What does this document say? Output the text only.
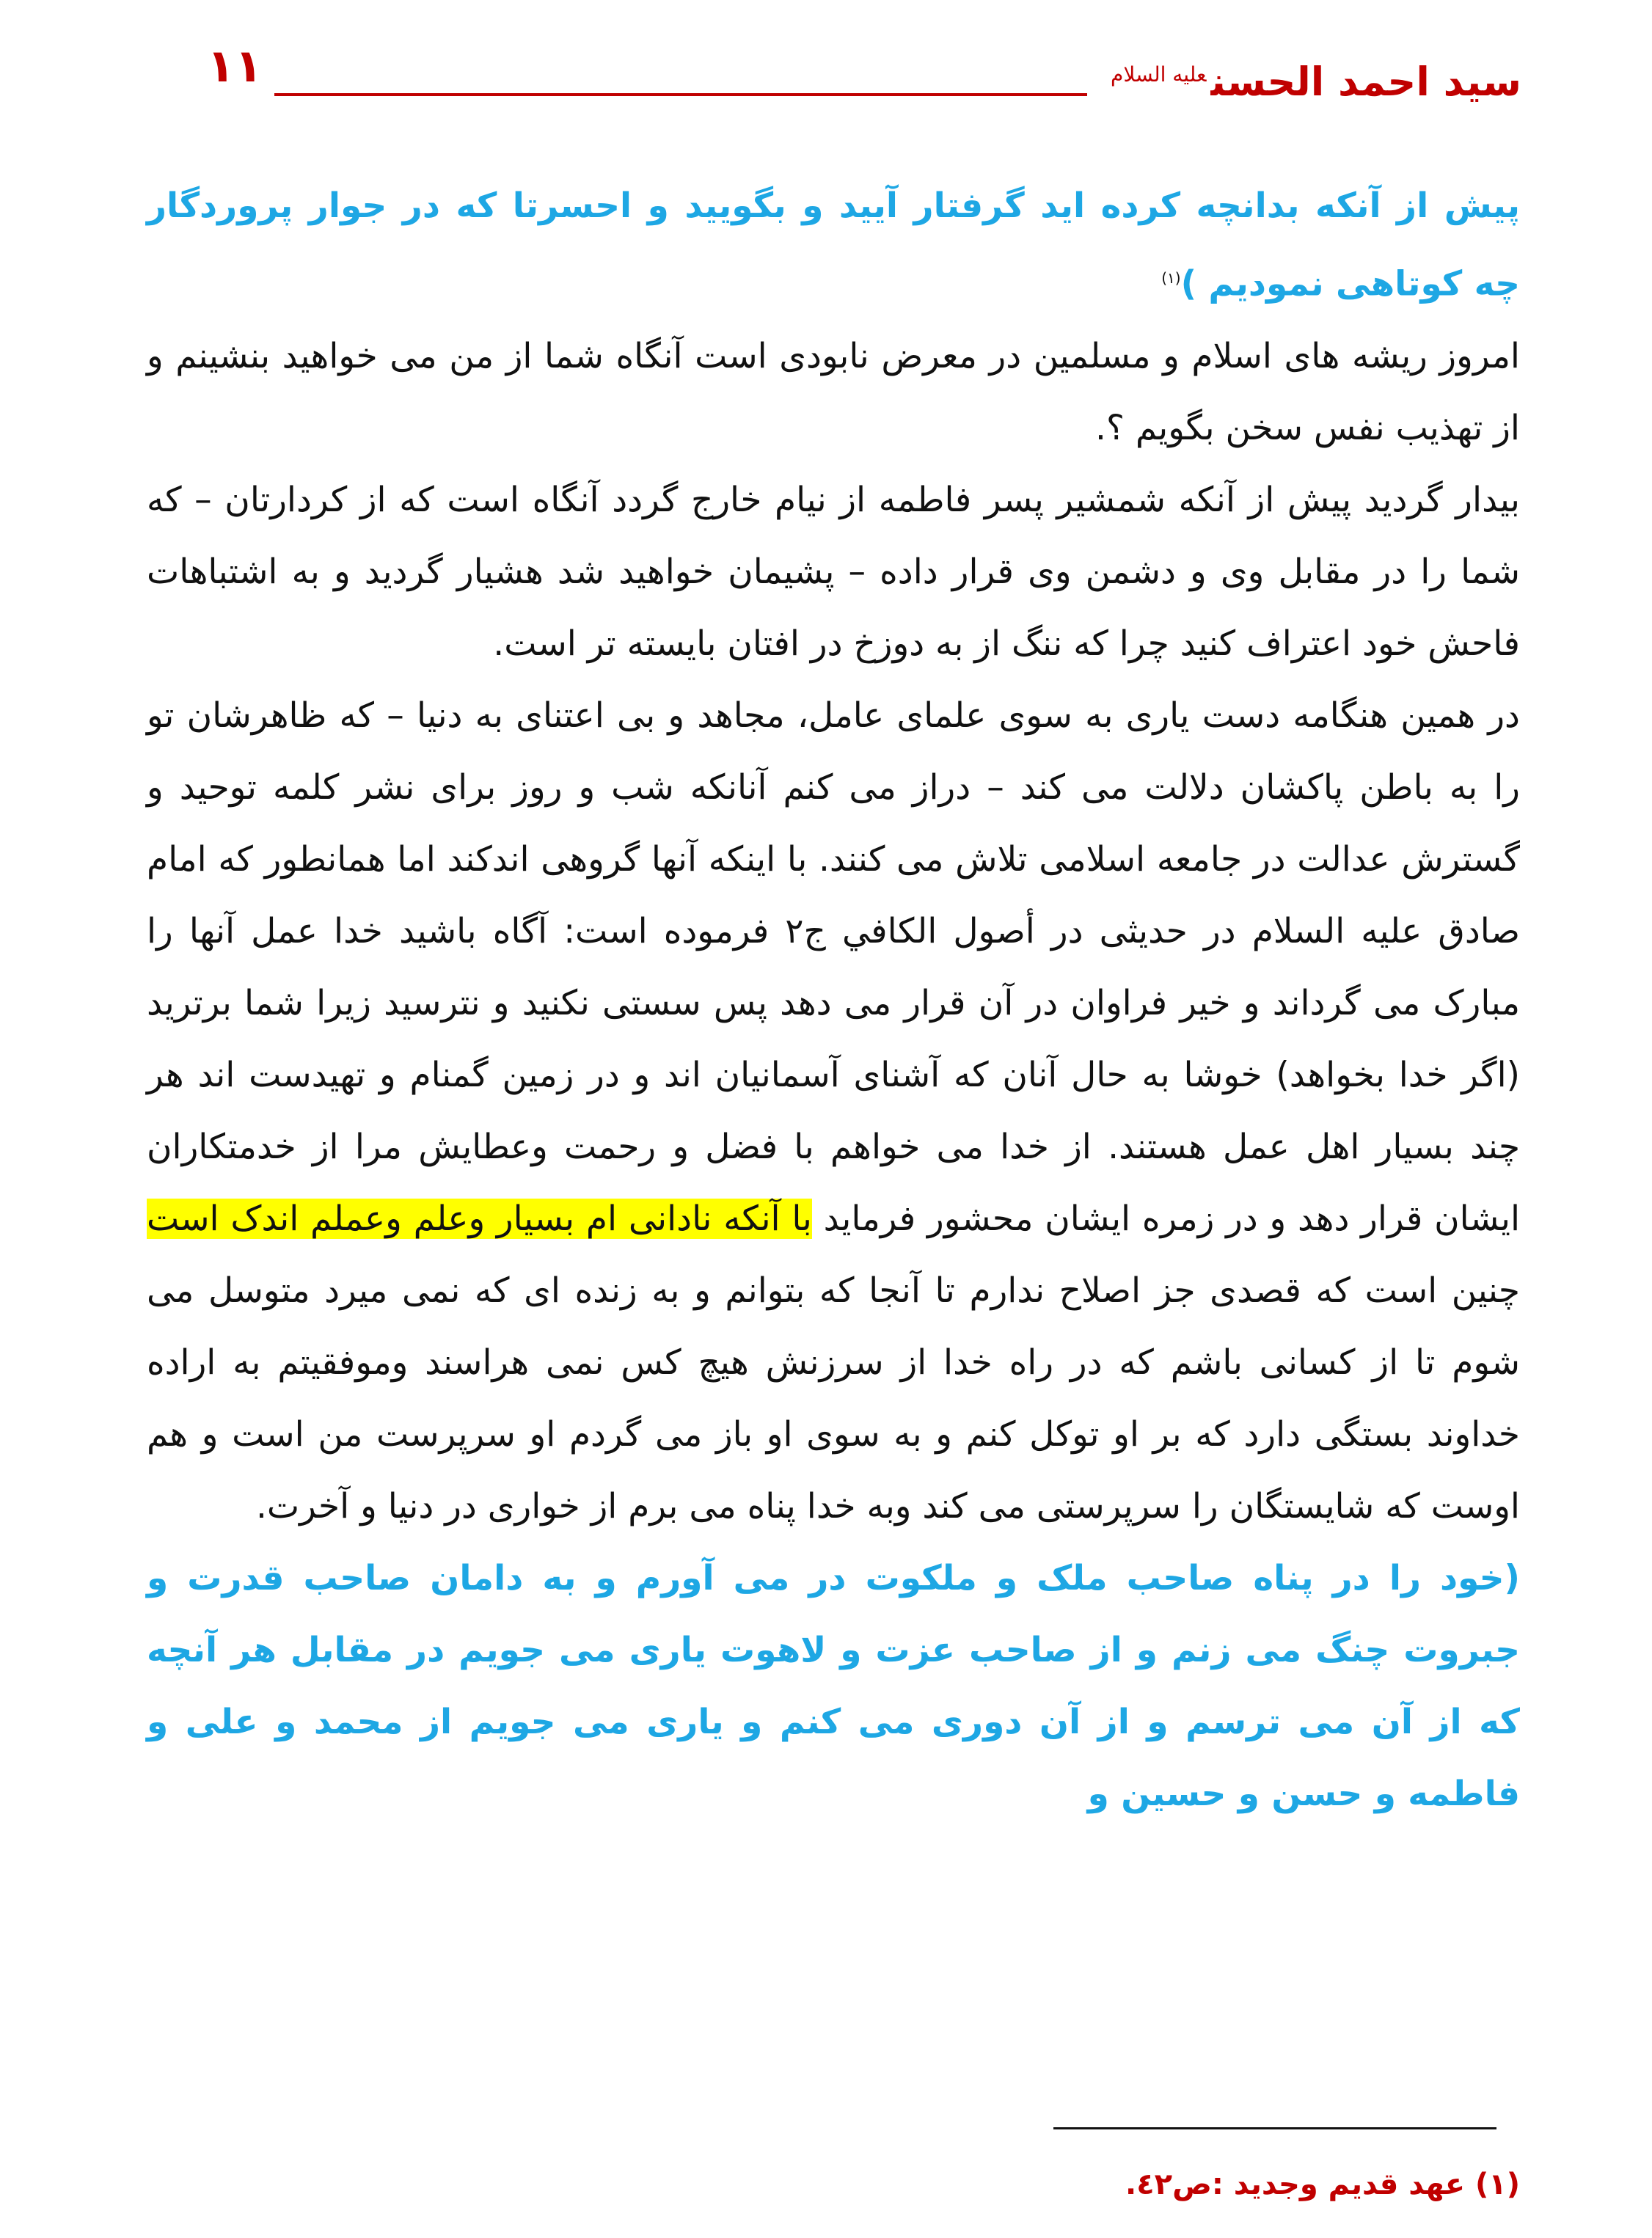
١١	سید احمد الحسن$^{عليه السلام}$

پیش از آنکه بدانچه کرده اید گرفتار آیید و بگویید و احسرتا که در جوار پروردگار چه کوتاهی نمودیم )$^{(١)}$

امروز ریشه های اسلام و مسلمین در معرض نابودی است آنگاه شما از من می خواهید بنشینم و از تهذیب نفس سخن بگویم ؟.

بیدار گردید پیش از آنکه شمشیر پسر فاطمه از نیام خارج گردد آنگاه است که از کردارتان – که شما را در مقابل وی و دشمن وی قرار داده – پشیمان خواهید شد هشیار گردید و به اشتباهات فاحش خود اعتراف کنید چرا که ننگ از به دوزخ در افتان بایسته تر است.

در همین هنگامه دست یاری به سوی علمای عامل، مجاهد و بی اعتنای به دنیا – که ظاهرشان تو را به باطن پاکشان دلالت می کند – دراز می کنم آنانکه شب و روز برای نشر کلمه توحید و گسترش عدالت در جامعه اسلامی تلاش می کنند. با اینکه آنها گروهی اندکند اما همانطور که امام صادق علیه السلام در حدیثی در أصول الكافي ج٢ فرموده است: آگاه باشید خدا عمل آنها را مبارک می گرداند و خیر فراوان در آن قرار می دهد پس سستی نکنید و نترسید زیرا شما برترید (اگر خدا بخواهد) خوشا به حال آنان که آشنای آسمانیان اند و در زمین گمنام و تهیدست اند هر چند بسیار اهل عمل هستند. از خدا می خواهم با فضل و رحمت وعطایش مرا از خدمتکاران ایشان قرار دهد و در زمره ایشان محشور فرماید با آنکه نادانی ام بسیار وعلم وعملم اندک است چنین است که قصدی جز اصلاح ندارم تا آنجا که بتوانم و به زنده ای که نمی میرد متوسل می شوم تا از کسانی باشم که در راه خدا از سرزنش هیچ کس نمی هراسند وموفقیتم به اراده خداوند بستگی دارد که بر او توکل کنم و به سوی او باز می گردم او سرپرست من است و هم اوست که شایستگان را سرپرستی می کند وبه خدا پناه می برم از خواری در دنیا و آخرت.

(خود را در پناه صاحب ملک و ملکوت در می آورم و به دامان صاحب قدرت و جبروت چنگ می زنم و از صاحب عزت و لاهوت یاری می جویم در مقابل هر آنچه که از آن می ترسم و از آن دوری می کنم و یاری می جویم از محمد و علی و فاطمه و حسن و حسین و

(١) عهد قدیم وجدید :ص٤٢.
